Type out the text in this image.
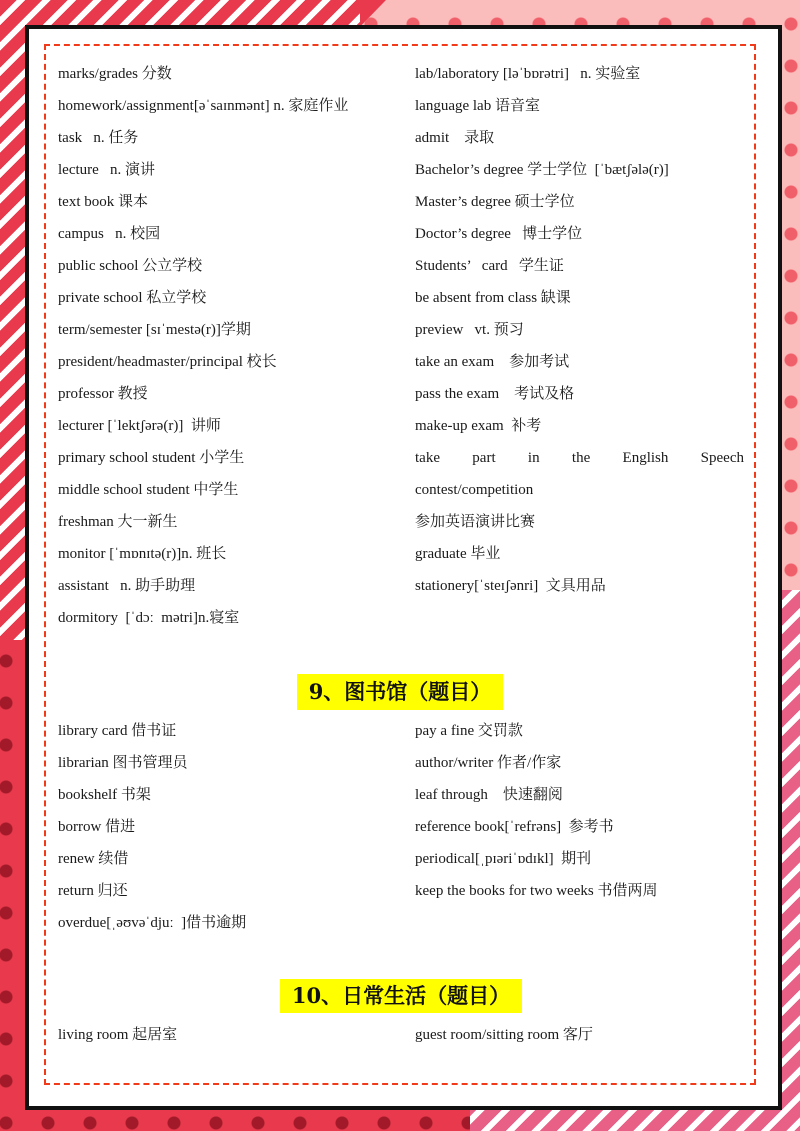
marks/grades 分数
homework/assignment[əˈsaɪnmənt] n. 家庭作业
task   n. 任务
lecture   n. 演讲
text book 课本
campus   n. 校园
public school 公立学校
private school 私立学校
term/semester [sɪˈmestə(r)]学期
president/headmaster/principal 校长
professor 教授
lecturer [ˈlektʃərə(r)]  讲师
primary school student 小学生
middle school student 中学生
freshman 大一新生
monitor [ˈmɒnɪtə(r)]n. 班长
assistant   n. 助手助理
dormitory  [ˈdɔː  mətri]n.寝室
lab/laboratory [ləˈbɒrətri]   n. 实验室
language lab 语音室
admit    录取
Bachelor’s degree 学士学位  [ˈbætʃələ(r)]
Master’s degree 硕士学位
Doctor’s degree   博士学位
Students’   card   学生证
be absent from class 缺课
preview   vt. 预习
take an exam    参加考试
pass the exam    考试及格
make-up exam  补考
take part in the English Speech
contest/competition
参加英语演讲比赛
graduate 毕业
stationery[ˈsteɪʃənri]  文具用品
9、图书馆（题目）
library card 借书证
librarian 图书管理员
bookshelf 书架
borrow 借进
renew 续借
return 归还
overdue[ˌəʊvəˈdjuː  ]借书逾期
pay a fine 交罚款
author/writer 作者/作家
leaf through    快速翻阅
reference book[ˈrefrəns]  参考书
periodical[ˌpɪəriˈɒdɪkl]  期刊
keep the books for two weeks 书借两周
10、日常生活（题目）
living room 起居室	guest room/sitting room 客厅
